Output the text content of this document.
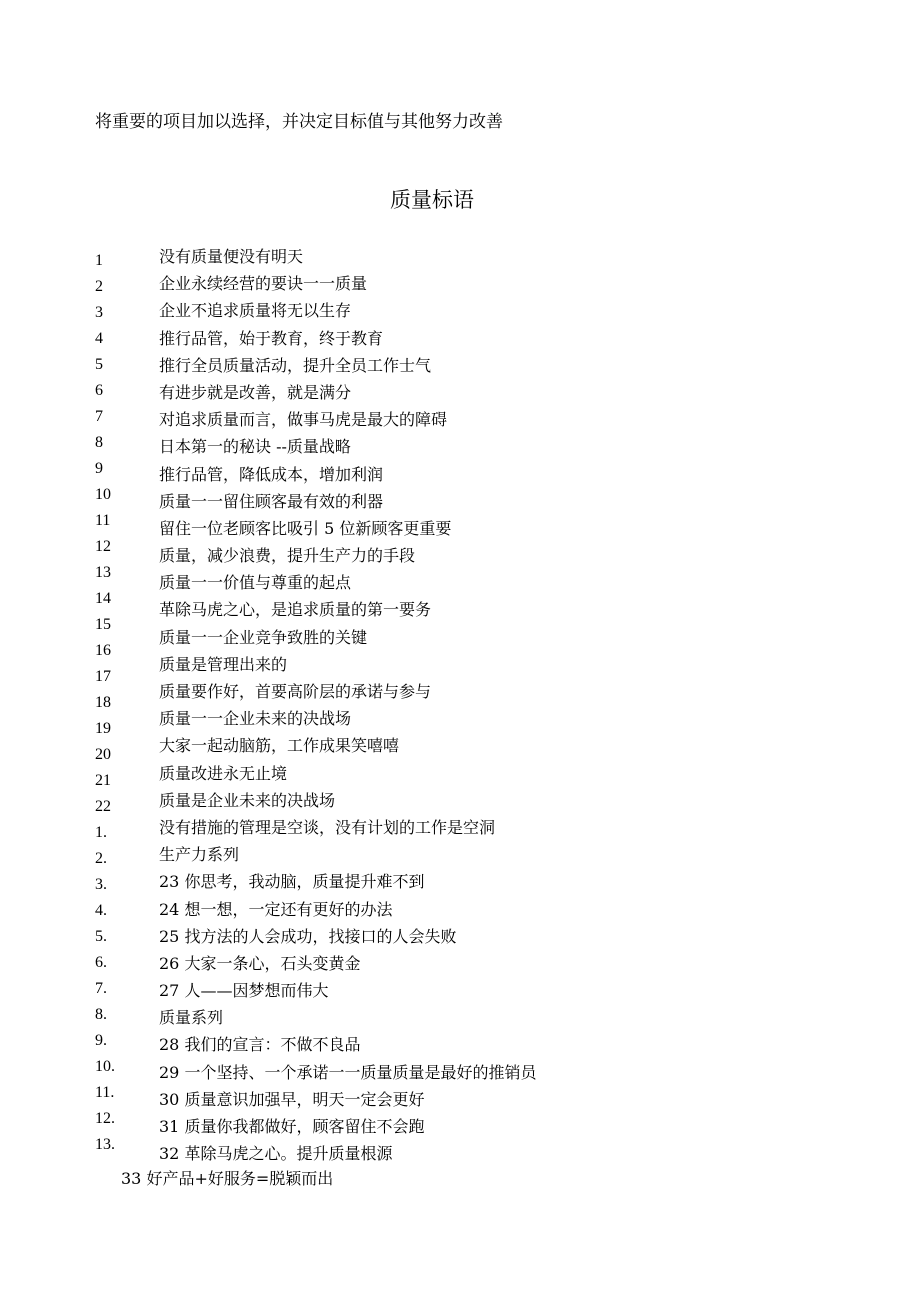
将重要的项目加以选择，并决定目标值与其他努力改善
质量标语
1
2
3
4
5
6
7
8
9
10
11
12
13
14
15
16
17
18
19
20
21
22
1.
2.
3.
4.
5.
6.
7.
8.
9.
10.
11.
12.
13.
没有质量便没有明天
企业永续经营的要诀一一质量
企业不追求质量将无以生存
推行品管，始于教育，终于教育
推行全员质量活动，提升全员工作士气
有进步就是改善，就是满分
对追求质量而言，做事马虎是最大的障碍
日本第一的秘诀 --质量战略
推行品管，降低成本，增加利润
质量一一留住顾客最有效的利器
留住一位老顾客比吸引 5 位新顾客更重要
质量，减少浪费，提升生产力的手段
质量一一价值与尊重的起点
革除马虎之心，是追求质量的第一要务
质量一一企业竞争致胜的关键
质量是管理出来的
质量要作好，首要高阶层的承诺与参与
质量一一企业未来的决战场
大家一起动脑筋，工作成果笑嘻嘻
质量改进永无止境
质量是企业未来的决战场
没有措施的管理是空谈，没有计划的工作是空洞
生产力系列
23 你思考，我动脑，质量提升难不到
24 想一想，一定还有更好的办法
25 找方法的人会成功，找接口的人会失败
26 大家一条心，石头变黄金
27 人——因梦想而伟大
质量系列
28 我们的宣言：不做不良品
29 一个坚持、一个承诺一一质量质量是最好的推销员
30 质量意识加强早，明天一定会更好
31 质量你我都做好，顾客留住不会跑
32 革除马虎之心。提升质量根源
33 好产品+好服务=脱颖而出
